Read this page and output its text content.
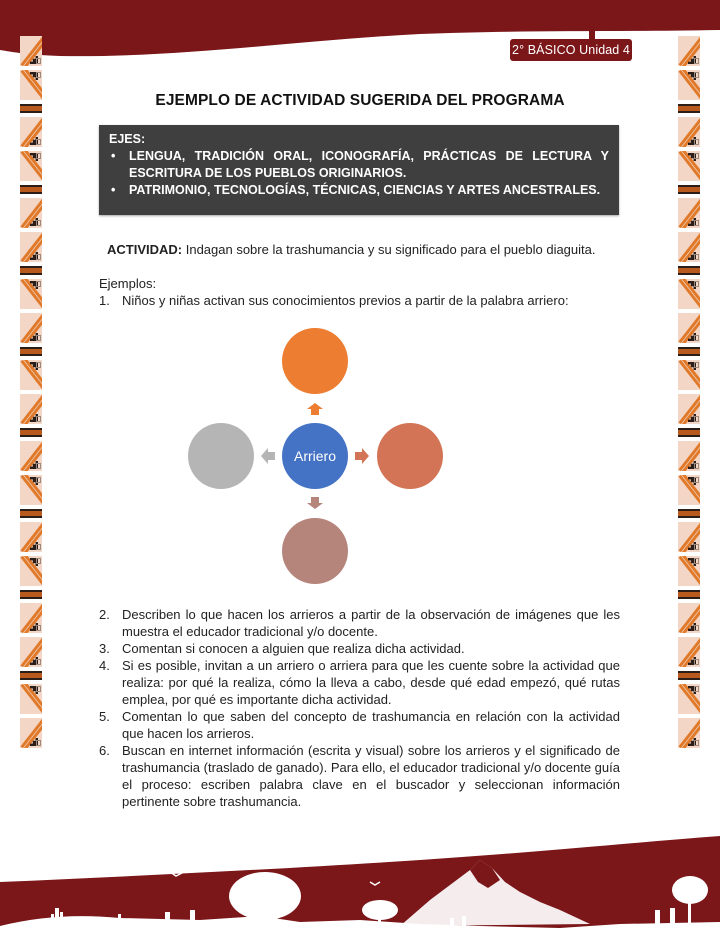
2° BÁSICO Unidad 4
EJEMPLO DE ACTIVIDAD SUGERIDA DEL PROGRAMA
EJES:
• LENGUA, TRADICIÓN ORAL, ICONOGRAFÍA, PRÁCTICAS DE LECTURA Y ESCRITURA DE LOS PUEBLOS ORIGINARIOS.
• PATRIMONIO, TECNOLOGÍAS, TÉCNICAS, CIENCIAS Y ARTES ANCESTRALES.
ACTIVIDAD: Indagan sobre la trashumancia y su significado para el pueblo diaguita.
Ejemplos:
1. Niños y niñas activan sus conocimientos previos a partir de la palabra arriero:
Arriero
2. Describen lo que hacen los arrieros a partir de la observación de imágenes que les muestra el educador tradicional y/o docente.
3. Comentan si conocen a alguien que realiza dicha actividad.
4. Si es posible, invitan a un arriero o arriera para que les cuente sobre la actividad que realiza: por qué la realiza, cómo la lleva a cabo, desde qué edad empezó, qué rutas emplea, por qué es importante dicha actividad.
5. Comentan lo que saben del concepto de trashumancia en relación con la actividad que hacen los arrieros.
6. Buscan en internet información (escrita y visual) sobre los arrieros y el significado de trashumancia (traslado de ganado). Para ello, el educador tradicional y/o docente guía el proceso: escriben palabra clave en el buscador y seleccionan información pertinente sobre trashumancia.
